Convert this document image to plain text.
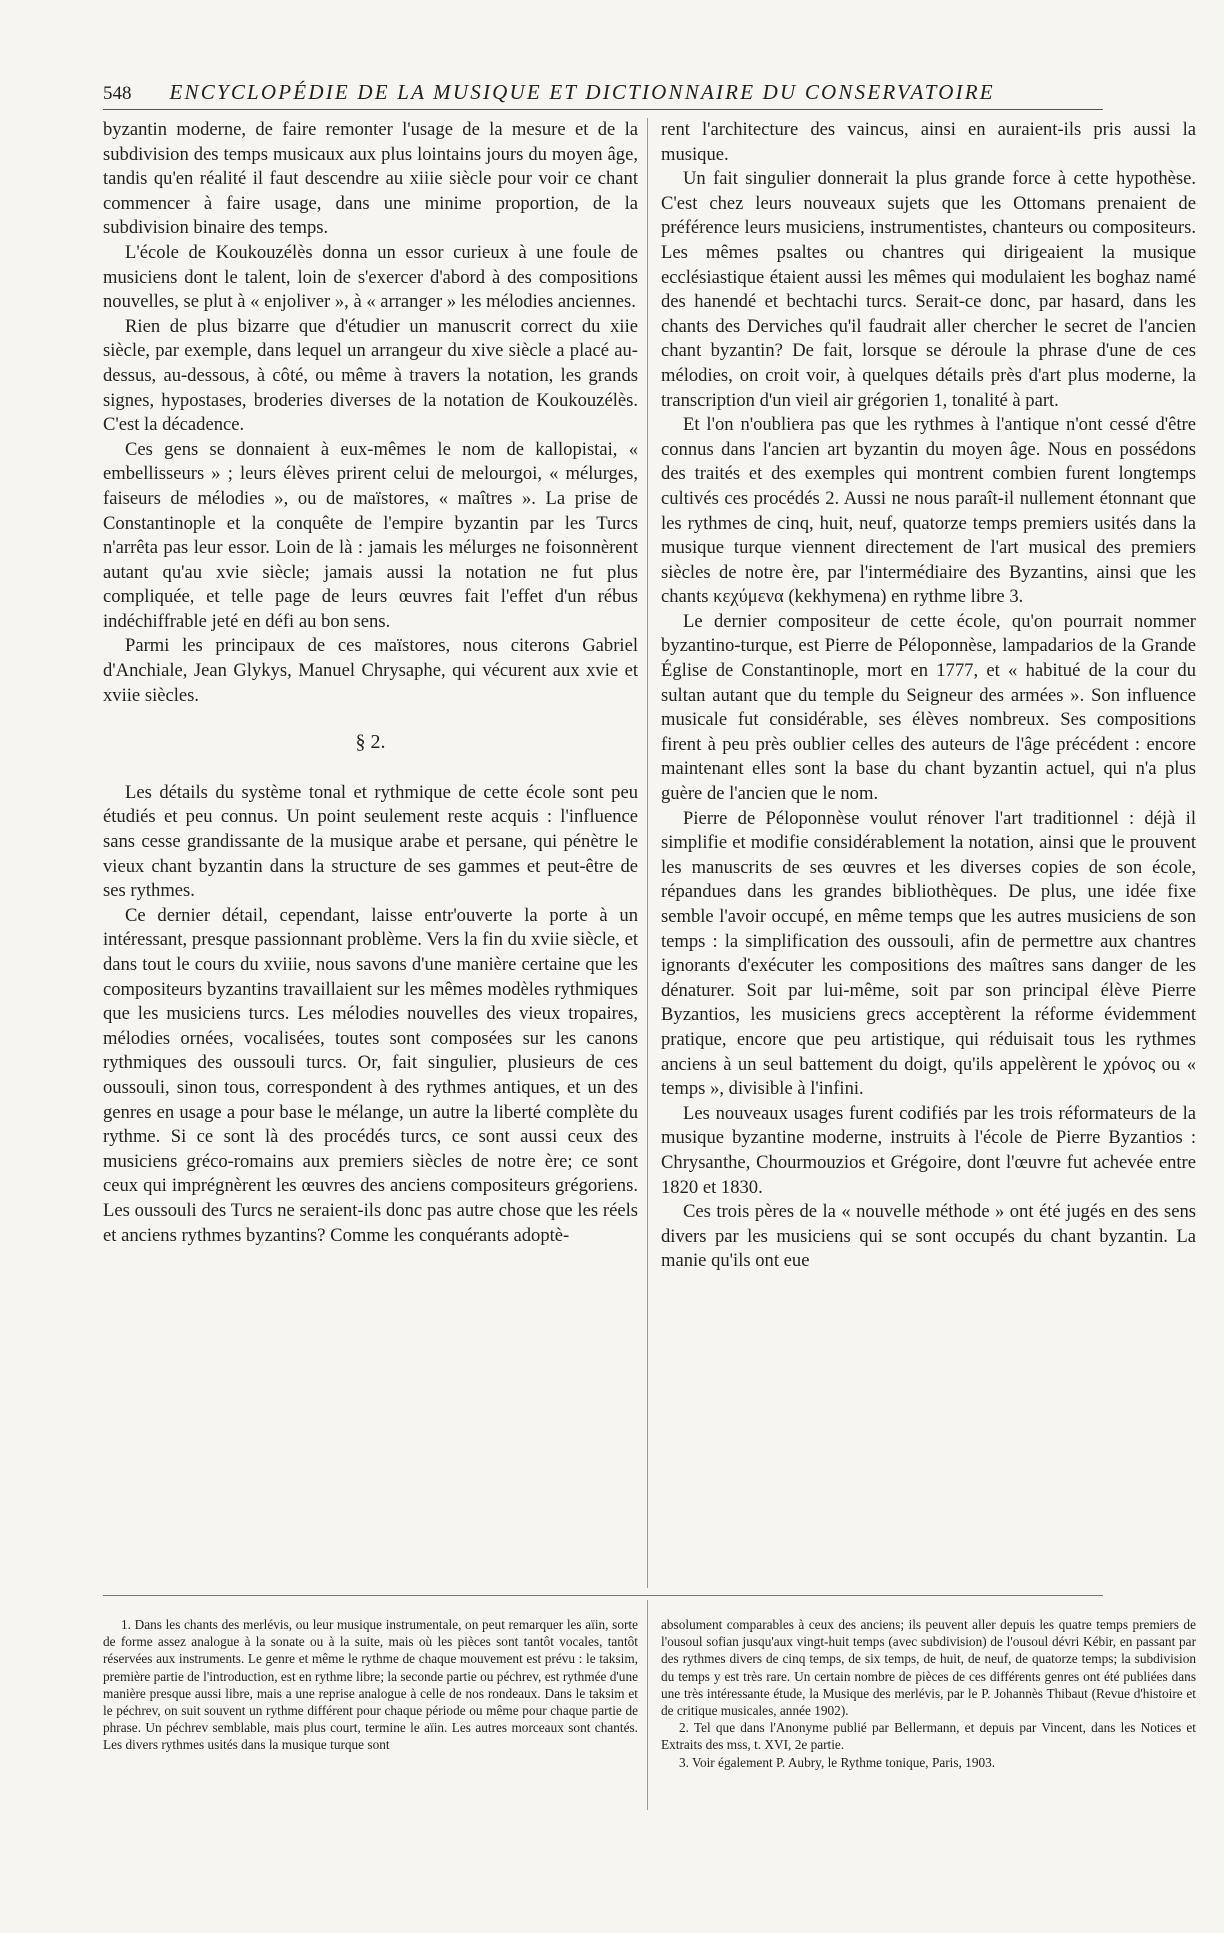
548 ENCYCLOPÉDIE DE LA MUSIQUE ET DICTIONNAIRE DU CONSERVATOIRE

byzantin moderne, de faire remonter l'usage de la mesure et de la subdivision des temps musicaux aux plus lointains jours du moyen âge, tandis qu'en réalité il faut descendre au xiiie siècle pour voir ce chant commencer à faire usage, dans une minime proportion, de la subdivision binaire des temps.

L'école de Koukouzélès donna un essor curieux à une foule de musiciens dont le talent, loin de s'exercer d'abord à des compositions nouvelles, se plut à « enjoliver », à « arranger » les mélodies anciennes.

Rien de plus bizarre que d'étudier un manuscrit correct du xiie siècle, par exemple, dans lequel un arrangeur du xive siècle a placé au-dessus, au-dessous, à côté, ou même à travers la notation, les grands signes, hypostases, broderies diverses de la notation de Koukouzélès. C'est la décadence.

Ces gens se donnaient à eux-mêmes le nom de kallopistai, « embellisseurs » ; leurs élèves prirent celui de melourgoi, « mélurges, faiseurs de mélodies », ou de maïstores, « maîtres ». La prise de Constantinople et la conquête de l'empire byzantin par les Turcs n'arrêta pas leur essor. Loin de là : jamais les mélurges ne foisonnèrent autant qu'au xvie siècle; jamais aussi la notation ne fut plus compliquée, et telle page de leurs œuvres fait l'effet d'un rébus indéchiffrable jeté en défi au bon sens.

Parmi les principaux de ces maïstores, nous citerons Gabriel d'Anchiale, Jean Glykys, Manuel Chrysaphe, qui vécurent aux xvie et xviie siècles.

§ 2.

Les détails du système tonal et rythmique de cette école sont peu étudiés et peu connus. Un point seulement reste acquis : l'influence sans cesse grandissante de la musique arabe et persane, qui pénètre le vieux chant byzantin dans la structure de ses gammes et peut-être de ses rythmes.

Ce dernier détail, cependant, laisse entr'ouverte la porte à un intéressant, presque passionnant problème. Vers la fin du xviie siècle, et dans tout le cours du xviiie, nous savons d'une manière certaine que les compositeurs byzantins travaillaient sur les mêmes modèles rythmiques que les musiciens turcs. Les mélodies nouvelles des vieux tropaires, mélodies ornées, vocalisées, toutes sont composées sur les canons rythmiques des oussouli turcs. Or, fait singulier, plusieurs de ces oussouli, sinon tous, correspondent à des rythmes antiques, et un des genres en usage a pour base le mélange, un autre la liberté complète du rythme. Si ce sont là des procédés turcs, ce sont aussi ceux des musiciens gréco-romains aux premiers siècles de notre ère; ce sont ceux qui imprégnèrent les œuvres des anciens compositeurs grégoriens. Les oussouli des Turcs ne seraient-ils donc pas autre chose que les réels et anciens rythmes byzantins? Comme les conquérants adoptè-

rent l'architecture des vaincus, ainsi en auraient-ils pris aussi la musique.

Un fait singulier donnerait la plus grande force à cette hypothèse. C'est chez leurs nouveaux sujets que les Ottomans prenaient de préférence leurs musiciens, instrumentistes, chanteurs ou compositeurs. Les mêmes psaltes ou chantres qui dirigeaient la musique ecclésiastique étaient aussi les mêmes qui modulaient les boghaz namé des hanendé et bechtachi turcs. Serait-ce donc, par hasard, dans les chants des Derviches qu'il faudrait aller chercher le secret de l'ancien chant byzantin? De fait, lorsque se déroule la phrase d'une de ces mélodies, on croit voir, à quelques détails près d'art plus moderne, la transcription d'un vieil air grégorien 1, tonalité à part.

Et l'on n'oubliera pas que les rythmes à l'antique n'ont cessé d'être connus dans l'ancien art byzantin du moyen âge. Nous en possédons des traités et des exemples qui montrent combien furent longtemps cultivés ces procédés 2. Aussi ne nous paraît-il nullement étonnant que les rythmes de cinq, huit, neuf, quatorze temps premiers usités dans la musique turque viennent directement de l'art musical des premiers siècles de notre ère, par l'intermédiaire des Byzantins, ainsi que les chants κεχύμενα (kekhymena) en rythme libre 3.

Le dernier compositeur de cette école, qu'on pourrait nommer byzantino-turque, est Pierre de Péloponnèse, lampadarios de la Grande Église de Constantinople, mort en 1777, et « habitué de la cour du sultan autant que du temple du Seigneur des armées ». Son influence musicale fut considérable, ses élèves nombreux. Ses compositions firent à peu près oublier celles des auteurs de l'âge précédent : encore maintenant elles sont la base du chant byzantin actuel, qui n'a plus guère de l'ancien que le nom.

Pierre de Péloponnèse voulut rénover l'art traditionnel : déjà il simplifie et modifie considérablement la notation, ainsi que le prouvent les manuscrits de ses œuvres et les diverses copies de son école, répandues dans les grandes bibliothèques. De plus, une idée fixe semble l'avoir occupé, en même temps que les autres musiciens de son temps : la simplification des oussouli, afin de permettre aux chantres ignorants d'exécuter les compositions des maîtres sans danger de les dénaturer. Soit par lui-même, soit par son principal élève Pierre Byzantios, les musiciens grecs acceptèrent la réforme évidemment pratique, encore que peu artistique, qui réduisait tous les rythmes anciens à un seul battement du doigt, qu'ils appelèrent le χρόνος ou « temps », divisible à l'infini.

Les nouveaux usages furent codifiés par les trois réformateurs de la musique byzantine moderne, instruits à l'école de Pierre Byzantios : Chrysanthe, Chourmouzios et Grégoire, dont l'œuvre fut achevée entre 1820 et 1830.

Ces trois pères de la « nouvelle méthode » ont été jugés en des sens divers par les musiciens qui se sont occupés du chant byzantin. La manie qu'ils ont eue

1. Dans les chants des merlévis, ou leur musique instrumentale, on peut remarquer les aïin, sorte de forme assez analogue à la sonate ou à la suite, mais où les pièces sont tantôt vocales, tantôt réservées aux instruments. Le genre et même le rythme de chaque mouvement est prévu : le taksim, première partie de l'introduction, est en rythme libre; la seconde partie ou péchrev, est rythmée d'une manière presque aussi libre, mais a une reprise analogue à celle de nos rondeaux. Dans le taksim et le péchrev, on suit souvent un rythme différent pour chaque période ou même pour chaque partie de phrase. Un péchrev semblable, mais plus court, termine le aïin. Les autres morceaux sont chantés. Les divers rythmes usités dans la musique turque sont

absolument comparables à ceux des anciens; ils peuvent aller depuis les quatre temps premiers de l'ousoul sofian jusqu'aux vingt-huit temps (avec subdivision) de l'ousoul dévri Kébir, en passant par des rythmes divers de cinq temps, de six temps, de huit, de neuf, de quatorze temps; la subdivision du temps y est très rare. Un certain nombre de pièces de ces différents genres ont été publiées dans une très intéressante étude, la Musique des merlévis, par le P. Johannès Thibaut (Revue d'histoire et de critique musicales, année 1902).

2. Tel que dans l'Anonyme publié par Bellermann, et depuis par Vincent, dans les Notices et Extraits des mss, t. XVI, 2e partie.

3. Voir également P. Aubry, le Rythme tonique, Paris, 1903.
